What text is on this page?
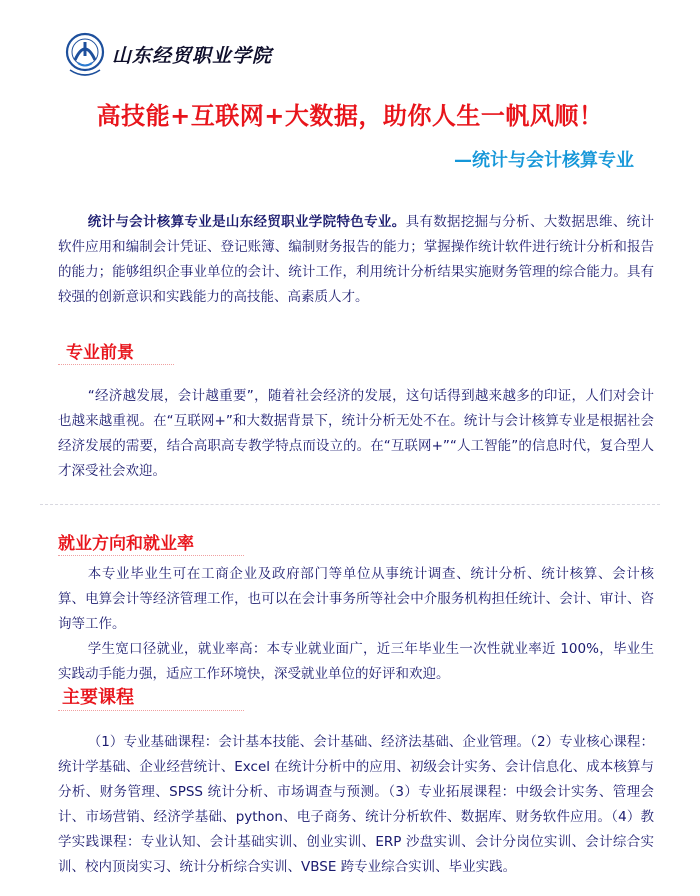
山东经贸职业学院
高技能+互联网+大数据，助你人生一帆风顺！
—统计与会计核算专业
统计与会计核算专业是山东经贸职业学院特色专业。具有数据挖掘与分析、大数据思维、统计软件应用和编制会计凭证、登记账簿、编制财务报告的能力；掌握操作统计软件进行统计分析和报告的能力；能够组织企事业单位的会计、统计工作，利用统计分析结果实施财务管理的综合能力。具有较强的创新意识和实践能力的高技能、高素质人才。
专业前景
“经济越发展，会计越重要”，随着社会经济的发展，这句话得到越来越多的印证，人们对会计也越来越重视。在“互联网+”和大数据背景下，统计分析无处不在。统计与会计核算专业是根据社会经济发展的需要，结合高职高专教学特点而设立的。在“互联网+”“人工智能”的信息时代，复合型人才深受社会欢迎。
就业方向和就业率
本专业毕业生可在工商企业及政府部门等单位从事统计调查、统计分析、统计核算、会计核算、电算会计等经济管理工作，也可以在会计事务所等社会中介服务机构担任统计、会计、审计、咨询等工作。
学生宽口径就业，就业率高：本专业就业面广，近三年毕业生一次性就业率近 100%，毕业生实践动手能力强，适应工作环境快，深受就业单位的好评和欢迎。
主要课程
（1）专业基础课程：会计基本技能、会计基础、经济法基础、企业管理。（2）专业核心课程：统计学基础、企业经营统计、Excel 在统计分析中的应用、初级会计实务、会计信息化、成本核算与分析、财务管理、SPSS 统计分析、市场调查与预测。（3）专业拓展课程：中级会计实务、管理会计、市场营销、经济学基础、python、电子商务、统计分析软件、数据库、财务软件应用。（4）教学实践课程：专业认知、会计基础实训、创业实训、ERP 沙盘实训、会计分岗位实训、会计综合实训、校内顶岗实习、统计分析综合实训、VBSE 跨专业综合实训、毕业实践。
